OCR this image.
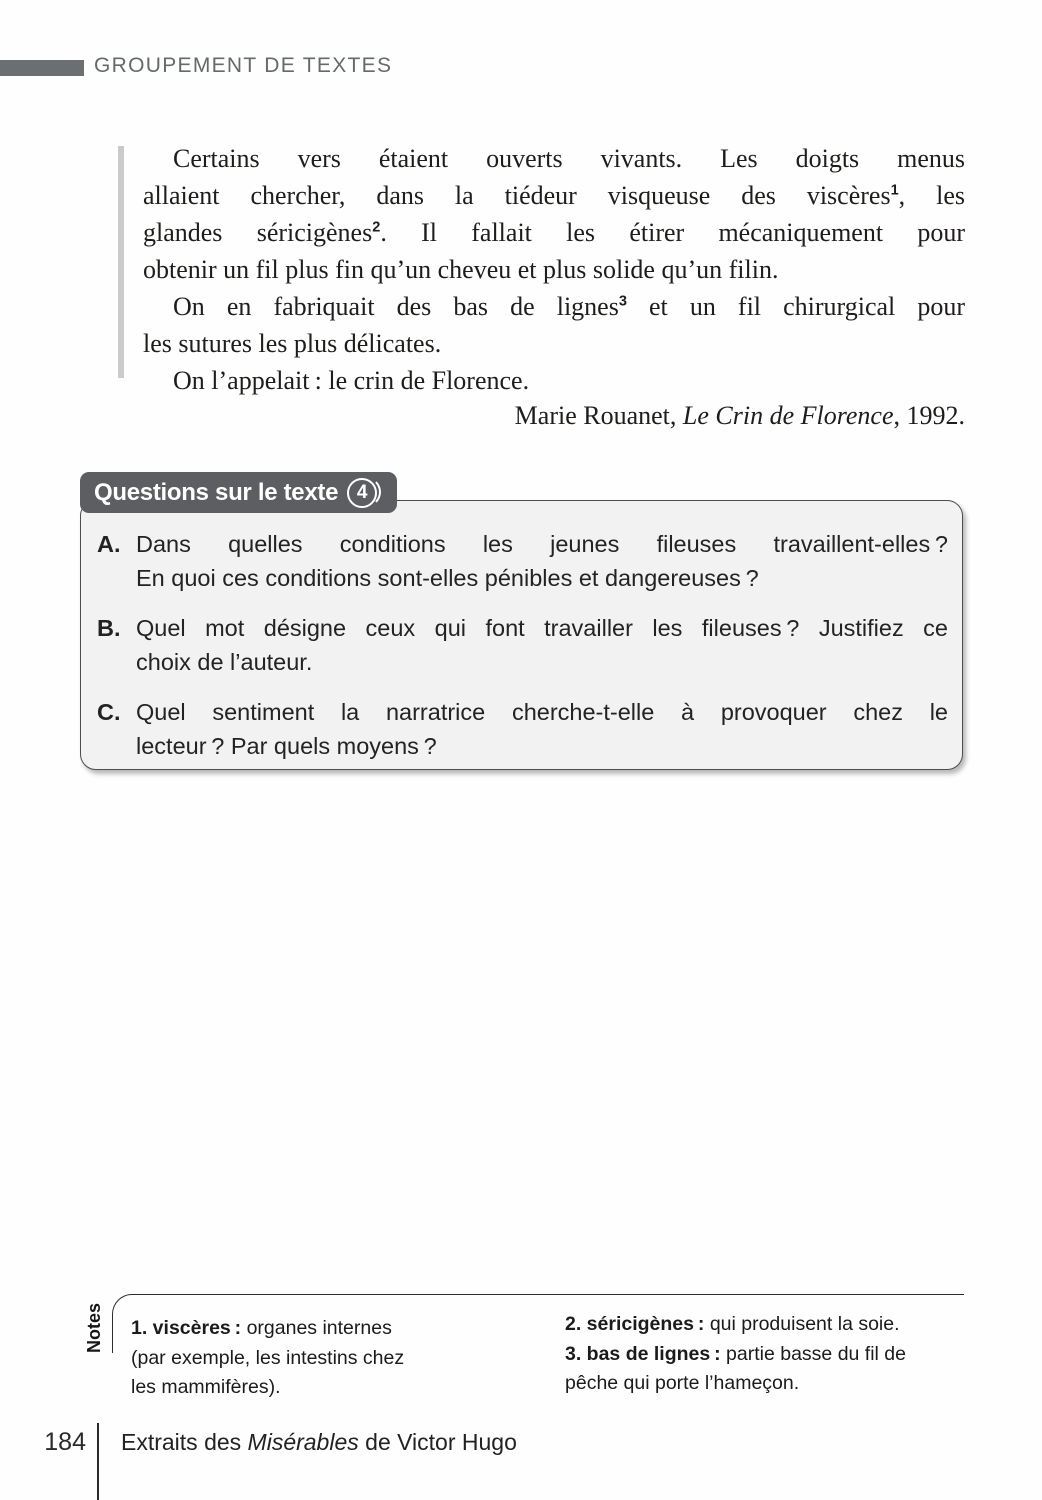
GROUPEMENT DE TEXTES
Certains vers étaient ouverts vivants. Les doigts menus
allaient chercher, dans la tiédeur visqueuse des viscères$^1$, les
glandes séricigènes$^2$. Il fallait les étirer mécaniquement pour
obtenir un fil plus fin qu’un cheveu et plus solide qu’un filin.
On en fabriquait des bas de lignes$^3$ et un fil chirurgical pour
les sutures les plus délicates.
On l’appelait : le crin de Florence.
Marie Rouanet, Le Crin de Florence, 1992.
Questions sur le texte 4
A. Dans quelles conditions les jeunes fileuses travaillent-elles ?
En quoi ces conditions sont-elles pénibles et dangereuses ?
B. Quel mot désigne ceux qui font travailler les fileuses ? Justifiez ce
choix de l’auteur.
C. Quel sentiment la narratrice cherche-t-elle à provoquer chez le
lecteur ? Par quels moyens ?
Notes 1. viscères : organes internes
(par exemple, les intestins chez
les mammifères).
2. séricigènes : qui produisent la soie.
3. bas de lignes : partie basse du fil de
pêche qui porte l’hameçon.
184 Extraits des Misérables de Victor Hugo
